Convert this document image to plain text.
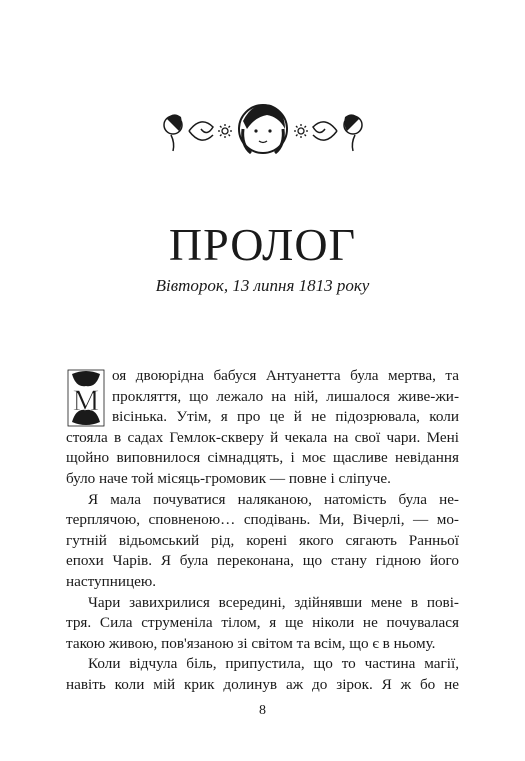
ПРОЛОГ
Вівторок, 13 липня 1813 року
М
оя двоюрідна бабуся Антуанетта була мертва, та
прокляття, що лежало на ній, лишалося живе-жи-
вісінька. Утім, я про це й не підозрювала, коли
стояла в садах Гемлок-скверу й чекала на свої чари. Мені
щойно виповнилося сімнадцять, і моє щасливе невідання
було наче той місяць-громовик — повне і сліпуче.
Я мала почуватися наляканою, натомість була не-
терплячою, сповненою… сподівань. Ми, Вічерлі, — мо-
гутній відьомський рід, корені якого сягають Ранньої
епохи Чарів. Я була переконана, що стану гідною його
наступницею.
Чари завихрилися всередині, здійнявши мене в пові-
тря. Сила струменіла тілом, я ще ніколи не почувалася
такою живою, пов'язаною зі світом та всім, що є в ньому.
Коли відчула біль, припустила, що то частина магії,
навіть коли мій крик долинув аж до зірок. Я ж бо не
8
